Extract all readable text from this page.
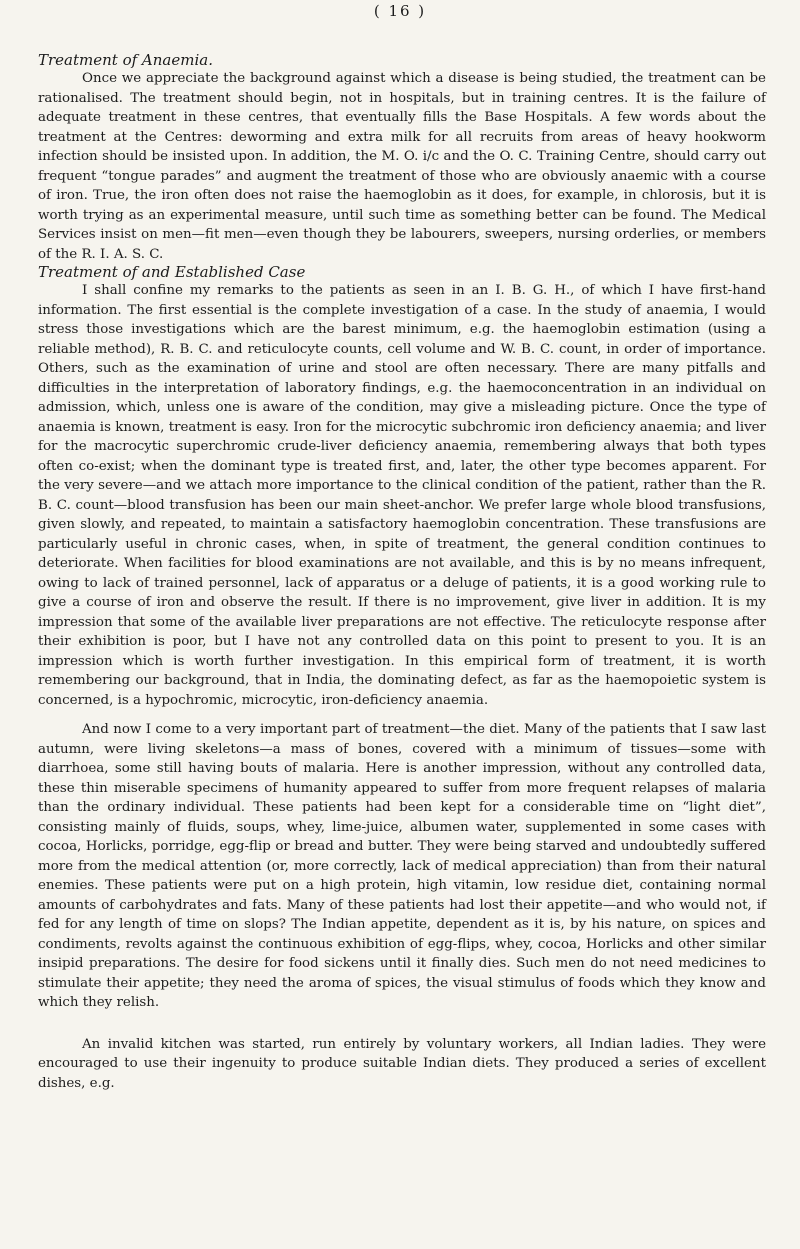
( 16 )

Treatment of Anaemia.

Once we appreciate the background against which a disease is being studied, the treatment can be rationalised. The treatment should begin, not in hospitals, but in training centres. It is the failure of adequate treatment in these centres, that eventually fills the Base Hospitals. A few words about the treatment at the Centres: deworming and extra milk for all recruits from areas of heavy hookworm infection should be insisted upon. In addition, the M. O. i/c and the O. C. Training Centre, should carry out frequent “tongue parades” and augment the treatment of those who are obviously anaemic with a course of iron. True, the iron often does not raise the haemoglobin as it does, for example, in chlorosis, but it is worth trying as an experimental measure, until such time as something better can be found. The Medical Services insist on men—fit men—even though they be labourers, sweepers, nursing orderlies, or members of the R. I. A. S. C.

Treatment of and Established Case

I shall confine my remarks to the patients as seen in an I. B. G. H., of which I have first-hand information. The first essential is the complete investigation of a case. In the study of anaemia, I would stress those investigations which are the barest minimum, e.g. the haemoglobin estimation (using a reliable method), R. B. C. and reticulocyte counts, cell volume and W. B. C. count, in order of importance. Others, such as the examination of urine and stool are often necessary. There are many pitfalls and difficulties in the interpretation of laboratory findings, e.g. the haemoconcentration in an individual on admission, which, unless one is aware of the condition, may give a misleading picture. Once the type of anaemia is known, treatment is easy. Iron for the microcytic subchromic iron deficiency anaemia; and liver for the macrocytic superchromic crude-liver deficiency anaemia, remembering always that both types often co-exist; when the dominant type is treated first, and, later, the other type becomes apparent. For the very severe—and we attach more importance to the clinical condition of the patient, rather than the R. B. C. count—blood transfusion has been our main sheet-anchor. We prefer large whole blood transfusions, given slowly, and repeated, to maintain a satisfactory haemoglobin concentration. These transfusions are particularly useful in chronic cases, when, in spite of treatment, the general condition continues to deteriorate. When facilities for blood examinations are not available, and this is by no means infrequent, owing to lack of trained personnel, lack of apparatus or a deluge of patients, it is a good working rule to give a course of iron and observe the result. If there is no improvement, give liver in addition. It is my impression that some of the available liver preparations are not effective. The reticulocyte response after their exhibition is poor, but I have not any controlled data on this point to present to you. It is an impression which is worth further investigation. In this empirical form of treatment, it is worth remembering our background, that in India, the dominating defect, as far as the haemopoietic system is concerned, is a hypochromic, microcytic, iron-deficiency anaemia.

And now I come to a very important part of treatment—the diet. Many of the patients that I saw last autumn, were living skeletons—a mass of bones, covered with a minimum of tissues—some with diarrhoea, some still having bouts of malaria. Here is another impression, without any controlled data, these thin miserable specimens of humanity appeared to suffer from more frequent relapses of malaria than the ordinary individual. These patients had been kept for a considerable time on “light diet”, consisting mainly of fluids, soups, whey, lime-juice, albumen water, supplemented in some cases with cocoa, Horlicks, porridge, egg-flip or bread and butter. They were being starved and undoubtedly suffered more from the medical attention (or, more correctly, lack of medical appreciation) than from their natural enemies. These patients were put on a high protein, high vitamin, low residue diet, containing normal amounts of carbohydrates and fats. Many of these patients had lost their appetite—and who would not, if fed for any length of time on slops? The Indian appetite, dependent as it is, by his nature, on spices and condiments, revolts against the continuous exhibition of egg-flips, whey, cocoa, Horlicks and other similar insipid preparations. The desire for food sickens until it finally dies. Such men do not need medicines to stimulate their appetite; they need the aroma of spices, the visual stimulus of foods which they know and which they relish.

An invalid kitchen was started, run entirely by voluntary workers, all Indian ladies. They were encouraged to use their ingenuity to produce suitable Indian diets. They produced a series of excellent dishes, e.g.
